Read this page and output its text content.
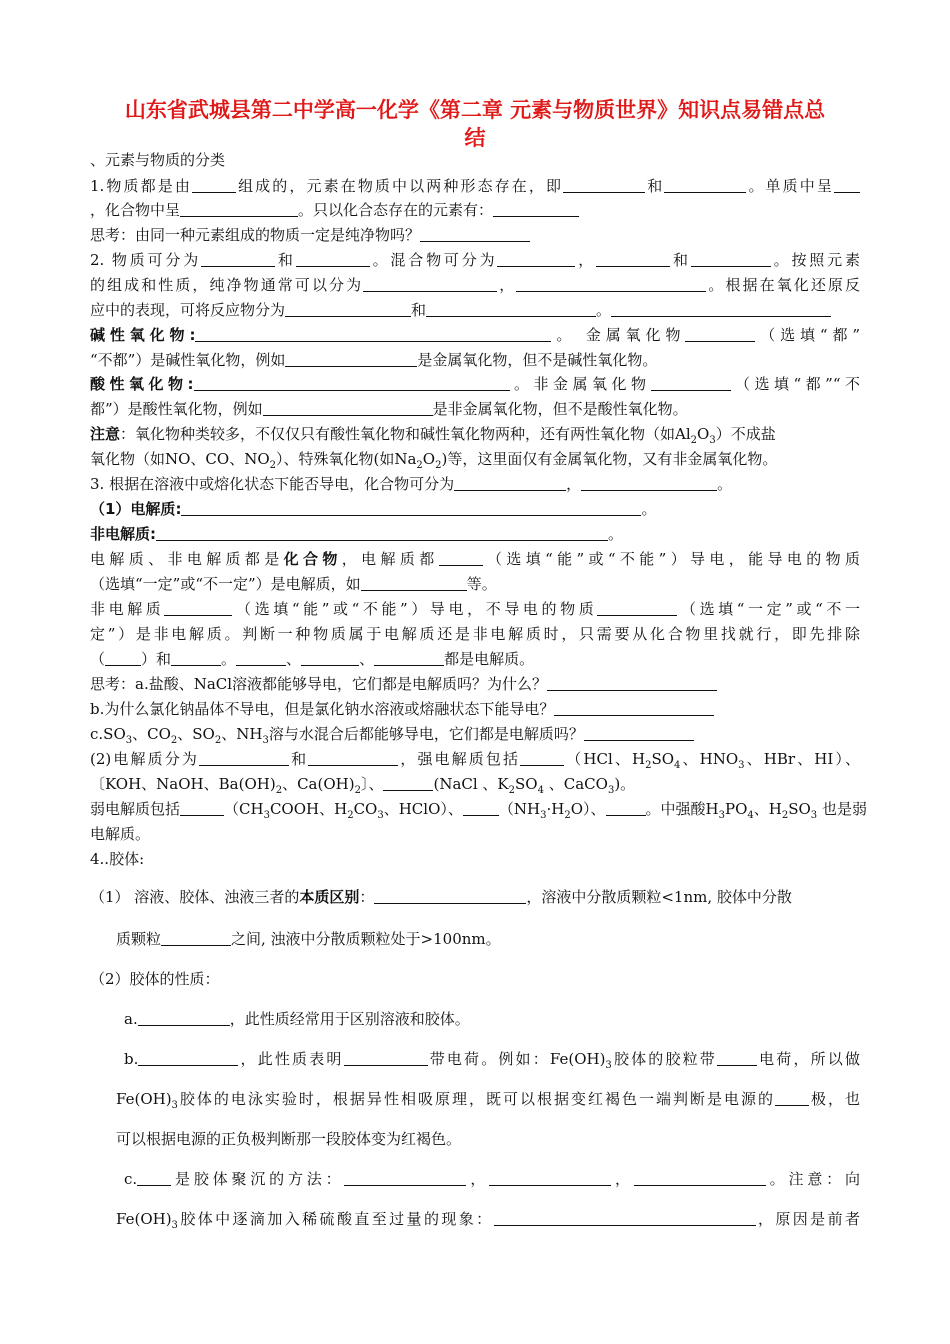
山东省武城县第二中学高一化学《第二章 元素与物质世界》知识点易错点总
结
、元素与物质的分类
1.物质都是由	组成的，元素在物质中以两种形态存在，即	和	。单质中呈
，化合物中呈	。只以化合态存在的元素有：
思考：由同一种元素组成的物质一定是纯净物吗？
2. 物质可分为	和	。混合物可分为	，	和	。按照元素
的组成和性质，纯净物通常可以分为	，	。根据在氧化还原反
应中的表现，可将反应物分为	和	。
碱性氧化物:	。 金属氧化物	（选填“都”
“不都”）是碱性氧化物，例如	是金属氧化物，但不是碱性氧化物。
酸性氧化物:	。非金属氧化物	（选填“都”“不
都”）是酸性氧化物，例如	是非金属氧化物，但不是酸性氧化物。
注意：氧化物种类较多，不仅仅只有酸性氧化物和碱性氧化物两种，还有两性氧化物（如$Al_2O_3$）不成盐
氧化物（如NO、CO、$NO_2$）、特殊氧化物(如$Na_2O_2$)等，这里面仅有金属氧化物，又有非金属氧化物。
3. 根据在溶液中或熔化状态下能否导电，化合物可分为	，	。
（1）电解质:	。
非电解质:	。
电解质、非电解质都是化合物，电解质都	（选填“能”或“不能”）导电，能导电的物质
（选填“一定”或“不一定”）是电解质，如	等。
非电解质	（选填“能”或“不能”）导电，不导电的物质	（选填“一定”或“不一
定”）是非电解质。判断一种物质属于电解质还是非电解质时，只需要从化合物里找就行，即先排除
（ ）和	。	、	、	都是电解质。
思考：a.盐酸、NaCl溶液都能够导电，它们都是电解质吗？为什么？
b.为什么氯化钠晶体不导电，但是氯化钠水溶液或熔融状态下能导电？
$c.SO_3$、$CO_2$、$SO_2$、$NH_3$溶与水混合后都能够导电，它们都是电解质吗？
(2)电解质分为	和	，强电解质包括	（HCl、$H_2SO_4$、$HNO_3$、HBr、HI）、
〔KOH、NaOH、$Ba(OH)_2$、$Ca(OH)_2$〕、	(NaCl 、$K_2SO_4$ 、CaCO$_3$)。
弱电解质包括	（$CH_3COOH$、$H_2CO_3$、HClO）、 $(NH_3\cdot H_2O)$、	。中强酸$H_3PO_4$、$H_2SO_3$ 也是弱
电解质。
4..胶体:
（1） 溶液、胶体、浊液三者的本质区别：	，溶液中分散质颗粒<1nm, 胶体中分散
质颗粒	之间, 浊液中分散质颗粒处于>100nm。
（2）胶体的性质：
a.	，此性质经常用于区别溶液和胶体。
b.	，此性质表明	带电荷。例如：$Fe(OH)_3$胶体的胶粒带	电荷，所以做
$Fe(OH)_3$胶体的电泳实验时，根据异性相吸原理，既可以根据变红褐色一端判断是电源的 极，也
可以根据电源的正负极判断那一段胶体变为红褐色。
c. 是胶体聚沉的方法：	，	，	。注意：向
$Fe(OH)_3$胶体中逐滴加入稀硫酸直至过量的现象：	，原因是前者
